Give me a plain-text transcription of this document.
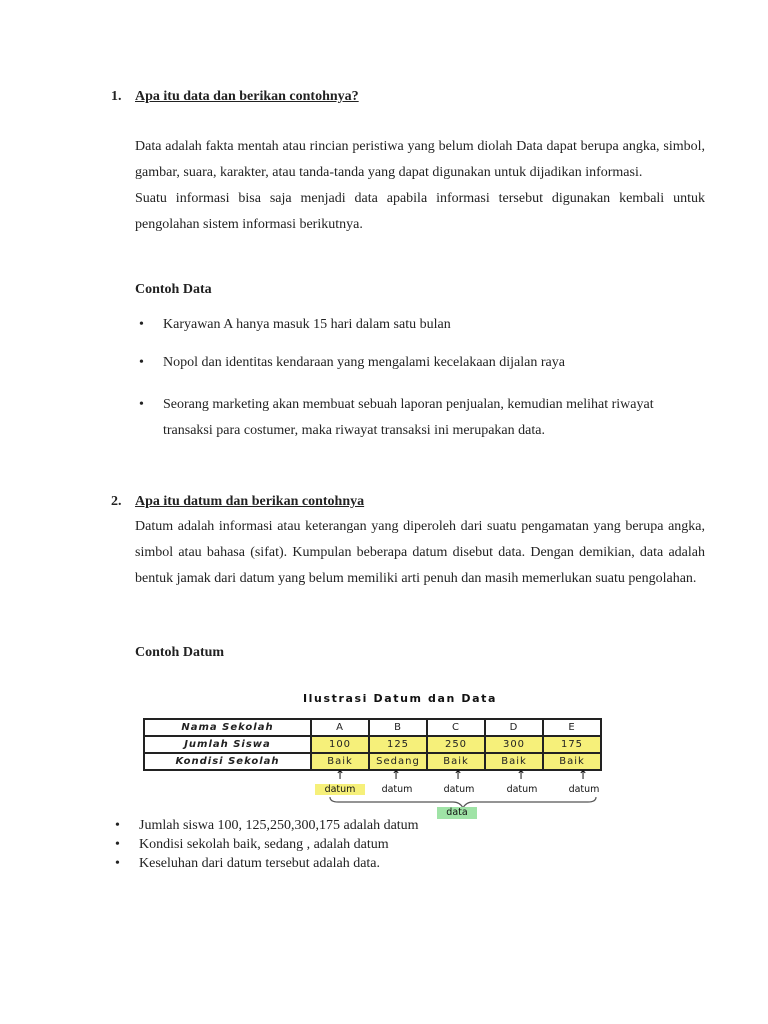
1. Apa itu data dan berikan contohnya?

Data adalah fakta mentah atau rincian peristiwa yang belum diolah Data dapat berupa angka, simbol, gambar, suara, karakter, atau tanda-tanda yang dapat digunakan untuk dijadikan informasi.

Suatu informasi bisa saja menjadi data apabila informasi tersebut digunakan kembali untuk pengolahan sistem informasi berikutnya.

Contoh Data
• Karyawan A hanya masuk 15 hari dalam satu bulan
• Nopol dan identitas kendaraan yang mengalami kecelakaan dijalan raya
• Seorang marketing akan membuat sebuah laporan penjualan, kemudian melihat riwayat transaksi para costumer, maka riwayat transaksi ini merupakan data.
2. Apa itu datum dan berikan contohnya

Datum adalah informasi atau keterangan yang diperoleh dari suatu pengamatan yang berupa angka, simbol atau bahasa (sifat). Kumpulan beberapa datum disebut data. Dengan demikian, data adalah bentuk jamak dari datum yang belum memiliki arti penuh dan masih memerlukan suatu pengolahan.

Contoh Datum
Ilustrasi Datum dan Data
Nama Sekolah	A	B	C	D	E
Jumlah Siswa	100	125	250	300	175
Kondisi Sekolah	Baik	Sedang	Baik	Baik	Baik
↑	↑	↑	↑	↑
datum	datum	datum	datum	datum
data
• Jumlah siswa 100, 125,250,300,175 adalah datum
• Kondisi sekolah baik, sedang , adalah datum
• Keseluhan dari datum tersebut adalah data.
